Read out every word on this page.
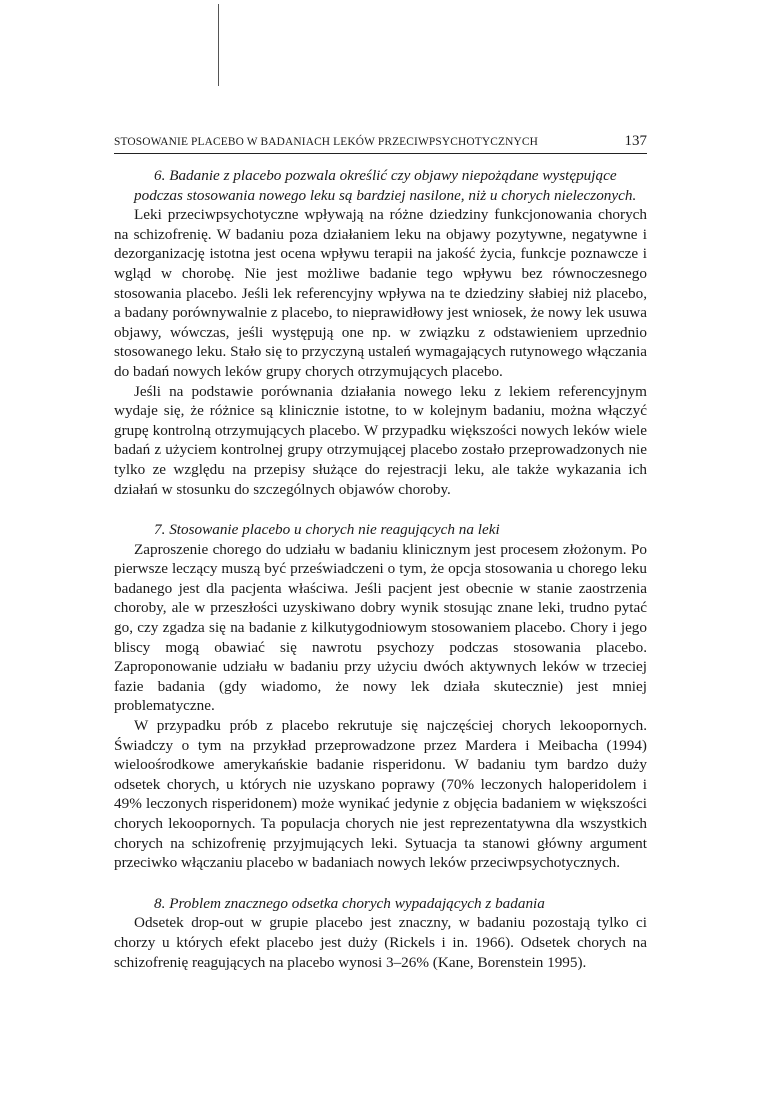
STOSOWANIE PLACEBO W BADANIACH LEKÓW PRZECIWPSYCHOTYCZNYCH	137

6. Badanie z placebo pozwala określić czy objawy niepożądane występujące podczas stosowania nowego leku są bardziej nasilone, niż u chorych nieleczonych.

Leki przeciwpsychotyczne wpływają na różne dziedziny funkcjonowania chorych na schizofrenię. W badaniu poza działaniem leku na objawy pozytywne, negatywne i dezorganizację istotna jest ocena wpływu terapii na jakość życia, funkcje poznawcze i wgląd w chorobę. Nie jest możliwe badanie tego wpływu bez równoczesnego stosowania placebo. Jeśli lek referencyjny wpływa na te dziedziny słabiej niż placebo, a badany porównywalnie z placebo, to nieprawidłowy jest wniosek, że nowy lek usuwa objawy, wówczas, jeśli występują one np. w związku z odstawieniem uprzednio stosowanego leku. Stało się to przyczyną ustaleń wymagających rutynowego włączania do badań nowych leków grupy chorych otrzymujących placebo.

Jeśli na podstawie porównania działania nowego leku z lekiem referencyjnym wydaje się, że różnice są klinicznie istotne, to w kolejnym badaniu, można włączyć grupę kontrolną otrzymujących placebo. W przypadku większości nowych leków wiele badań z użyciem kontrolnej grupy otrzymującej placebo zostało przeprowadzonych nie tylko ze względu na przepisy służące do rejestracji leku, ale także wykazania ich działań w stosunku do szczególnych objawów choroby.

7. Stosowanie placebo u chorych nie reagujących na leki

Zaproszenie chorego do udziału w badaniu klinicznym jest procesem złożonym. Po pierwsze leczący muszą być przeświadczeni o tym, że opcja stosowania u chorego leku badanego jest dla pacjenta właściwa. Jeśli pacjent jest obecnie w stanie zaostrzenia choroby, ale w przeszłości uzyskiwano dobry wynik stosując znane leki, trudno pytać go, czy zgadza się na badanie z kilkutygodniowym stosowaniem placebo. Chory i jego bliscy mogą obawiać się nawrotu psychozy podczas stosowania placebo. Zaproponowanie udziału w badaniu przy użyciu dwóch aktywnych leków w trzeciej fazie badania (gdy wiadomo, że nowy lek działa skutecznie) jest mniej problematyczne.

W przypadku prób z placebo rekrutuje się najczęściej chorych lekoopornych. Świadczy o tym na przykład przeprowadzone przez Mardera i Meibacha (1994) wieloośrodkowe amerykańskie badanie risperidonu. W badaniu tym bardzo duży odsetek chorych, u których nie uzyskano poprawy (70% leczonych haloperidolem i 49% leczonych risperidonem) może wynikać jedynie z objęcia badaniem w większości chorych lekoopornych. Ta populacja chorych nie jest reprezentatywna dla wszystkich chorych na schizofrenię przyjmujących leki. Sytuacja ta stanowi główny argument przeciwko włączaniu placebo w badaniach nowych leków przeciwpsychotycznych.

8. Problem znacznego odsetka chorych wypadających z badania

Odsetek drop-out w grupie placebo jest znaczny, w badaniu pozostają tylko ci chorzy u których efekt placebo jest duży (Rickels i in. 1966). Odsetek chorych na schizofrenię reagujących na placebo wynosi 3–26% (Kane, Borenstein 1995).
